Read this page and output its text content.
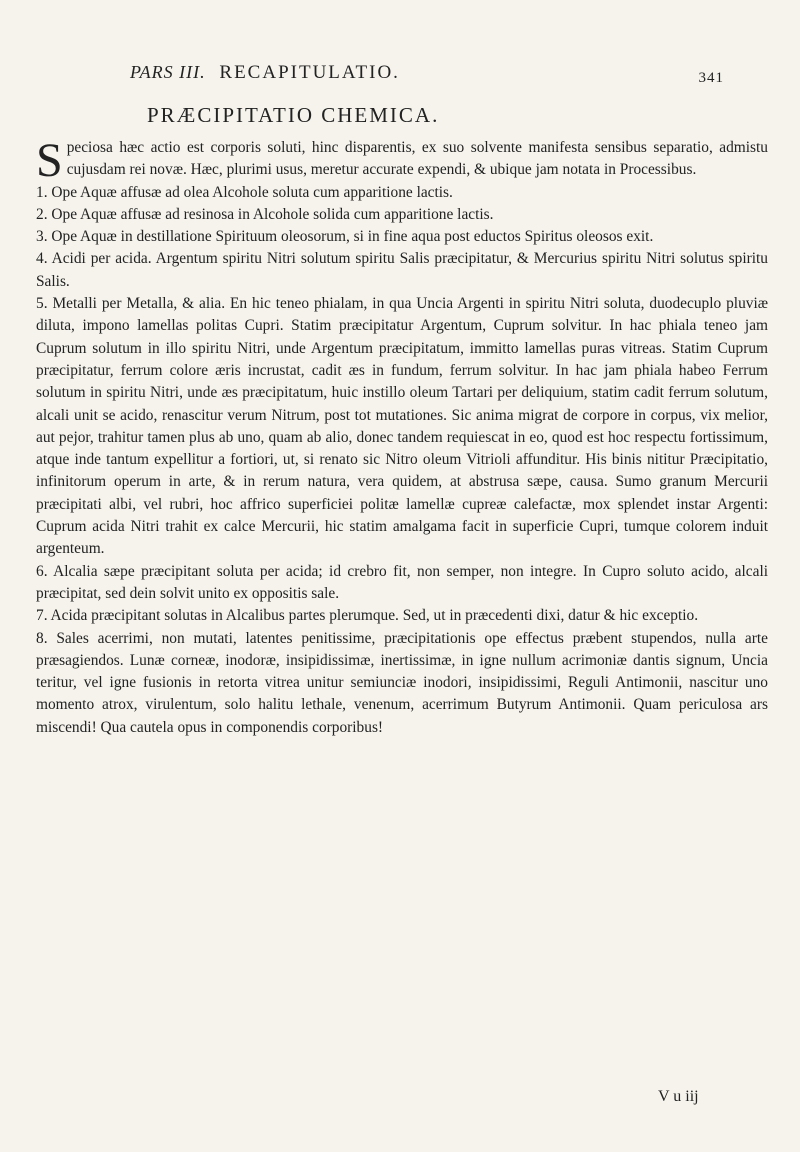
PARS III. RECAPITULATIO.	341
PRÆCIPITATIO CHEMICA.

Speciosa hæc actio est corporis soluti, hinc disparentis, ex suo solvente manifesta sensibus separatio, admistu cujusdam rei novæ. Hæc, plurimi usus, meretur accurate expendi, & ubique jam notata in Processibus.

1. Ope Aquæ affusæ ad olea Alcohole soluta cum apparitione lactis.

2. Ope Aquæ affusæ ad resinosa in Alcohole solida cum apparitione lactis.

3. Ope Aquæ in destillatione Spirituum oleosorum, si in fine aqua post eductos Spiritus oleosos exit.

4. Acidi per acida. Argentum spiritu Nitri solutum spiritu Salis præcipitatur, & Mercurius spiritu Nitri solutus spiritu Salis.

5. Metalli per Metalla, & alia. En hic teneo phialam, in qua Uncia Argenti in spiritu Nitri soluta, duodecuplo pluviæ diluta, impono lamellas politas Cupri. Statim præcipitatur Argentum, Cuprum solvitur. In hac phiala teneo jam Cuprum solutum in illo spiritu Nitri, unde Argentum præcipitatum, immitto lamellas puras vitreas. Statim Cuprum præcipitatur, ferrum colore æris incrustat, cadit æs in fundum, ferrum solvitur. In hac jam phiala habeo Ferrum solutum in spiritu Nitri, unde æs præcipitatum, huic instillo oleum Tartari per deliquium, statim cadit ferrum solutum, alcali unit se acido, renascitur verum Nitrum, post tot mutationes. Sic anima migrat de corpore in corpus, vix melior, aut pejor, trahitur tamen plus ab uno, quam ab alio, donec tandem requiescat in eo, quod est hoc respectu fortissimum, atque inde tantum expellitur a fortiori, ut, si renato sic Nitro oleum Vitrioli affunditur. His binis nititur Præcipitatio, infinitorum operum in arte, & in rerum natura, vera quidem, at abstrusa sæpe, causa. Sumo granum Mercurii præcipitati albi, vel rubri, hoc affrico superficiei politæ lamellæ cupreæ calefactæ, mox splendet instar Argenti: Cuprum acida Nitri trahit ex calce Mercurii, hic statim amalgama facit in superficie Cupri, tumque colorem induit argenteum.

6. Alcalia sæpe præcipitant soluta per acida; id crebro fit, non semper, non integre. In Cupro soluto acido, alcali præcipitat, sed dein solvit unito ex oppositis sale.

7. Acida præcipitant solutas in Alcalibus partes plerumque. Sed, ut in præcedenti dixi, datur & hic exceptio.

8. Sales acerrimi, non mutati, latentes penitissime, præcipitationis ope effectus præbent stupendos, nulla arte præsagiendos. Lunæ corneæ, inodoræ, insipidissimæ, inertissimæ, in igne nullum acrimoniæ dantis signum, Uncia teritur, vel igne fusionis in retorta vitrea unitur semiunciæ inodori, insipidissimi, Reguli Antimonii, nascitur uno momento atrox, virulentum, solo halitu lethale, venenum, acerrimum Butyrum Antimonii. Quam periculosa ars miscendi! Qua cautela opus in componendis corporibus!

V u iij
